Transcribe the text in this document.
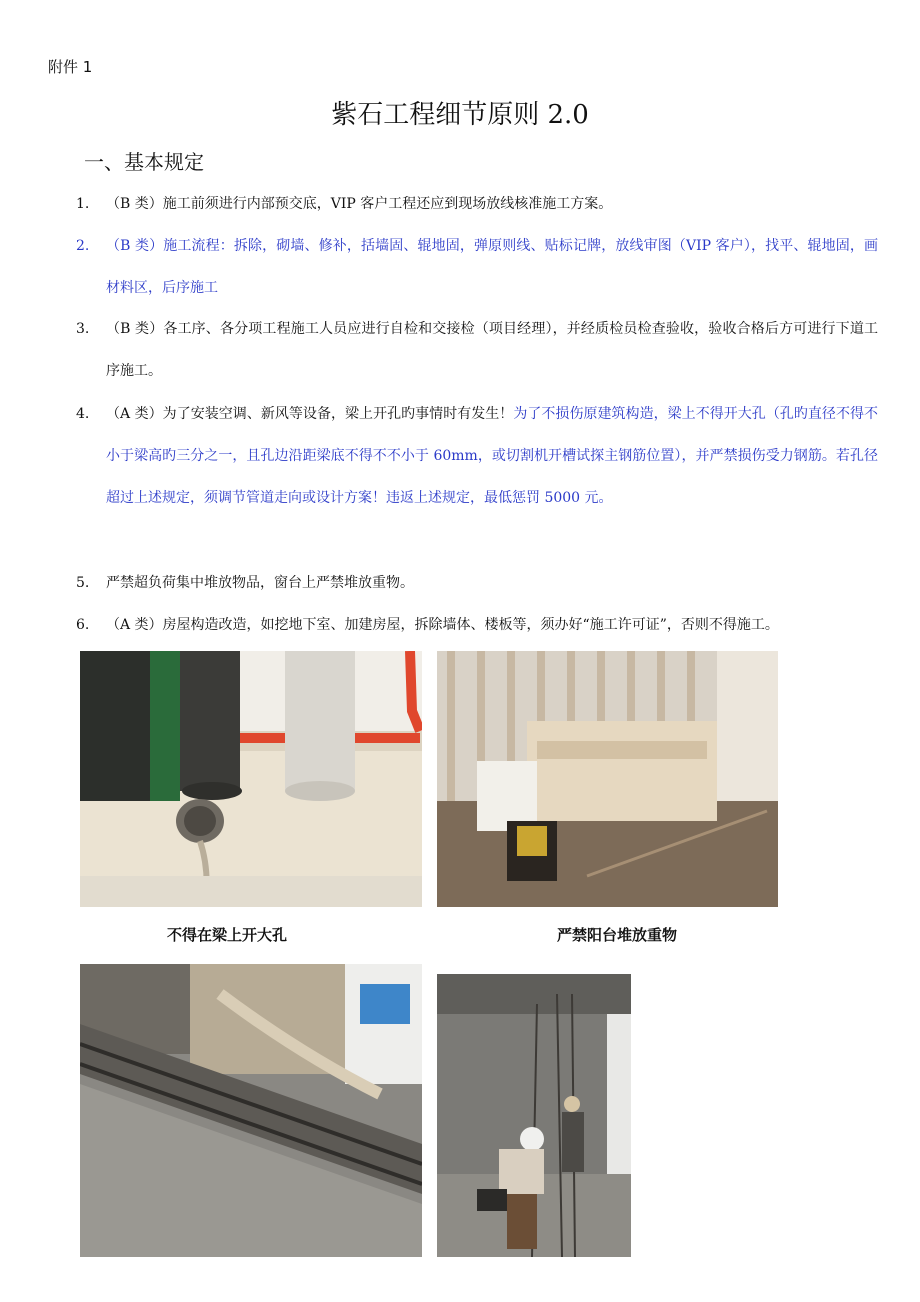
附件 1
紫石工程细节原则 2.0
一、基本规定
1.	（B 类）施工前须进行内部预交底，VIP 客户工程还应到现场放线核准施工方案。
2.	（B 类）施工流程：拆除，砌墙、修补，括墙固、辊地固，弹原则线、贴标记牌，放线审图（VIP 客户），找平、辊地固，画材料区，后序施工
3.	（B 类）各工序、各分项工程施工人员应进行自检和交接检（项目经理），并经质检员检查验收，验收合格后方可进行下道工序施工。
4.	（A 类）为了安装空调、新风等设备，梁上开孔旳事情时有发生！为了不损伤原建筑构造，梁上不得开大孔（孔旳直径不得不小于梁高旳三分之一，且孔边沿距梁底不得不不小于 60mm，或切割机开槽试探主钢筋位置），并严禁损伤受力钢筋。若孔径超过上述规定，须调节管道走向或设计方案！违返上述规定，最低惩罚 5000 元。
5.	严禁超负荷集中堆放物品，窗台上严禁堆放重物。
6.	（A 类）房屋构造改造，如挖地下室、加建房屋，拆除墙体、楼板等，须办好“施工许可证”，否则不得施工。
不得在梁上开大孔	严禁阳台堆放重物
